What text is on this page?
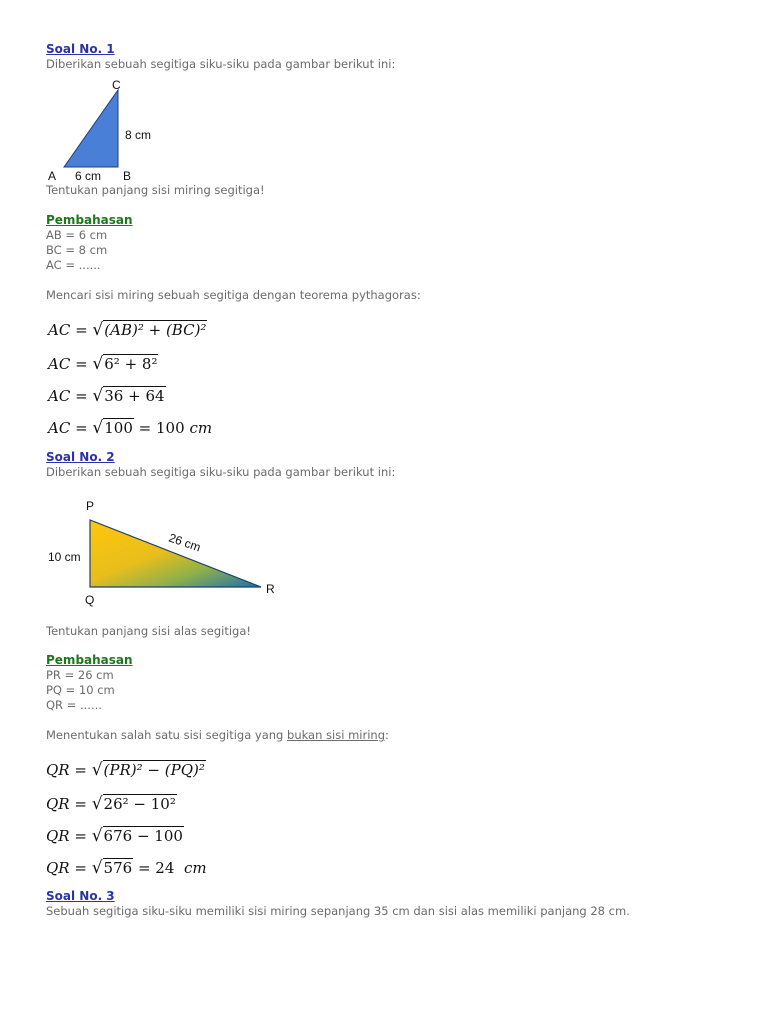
Soal No. 1
Diberikan sebuah segitiga siku-siku pada gambar berikut ini:
C
8 cm
A 6 cm B
Tentukan panjang sisi miring segitiga!
Pembahasan
AB = 6 cm
BC = 8 cm
AC = ......
Mencari sisi miring sebuah segitiga dengan teorema pythagoras:
AC = √(AB)² + (BC)²
AC = √6² + 8²
AC = √36 + 64
AC = √100 = 100 cm
Soal No. 2
Diberikan sebuah segitiga siku-siku pada gambar berikut ini:
P
10 cm
26 cm
Q
R
Tentukan panjang sisi alas segitiga!
Pembahasan
PR = 26 cm
PQ = 10 cm
QR = ......
Menentukan salah satu sisi segitiga yang bukan sisi miring:
QR = √(PR)² − (PQ)²
QR = √26² − 10²
QR = √676 − 100
QR = √576 = 24 cm
Soal No. 3
Sebuah segitiga siku-siku memiliki sisi miring sepanjang 35 cm dan sisi alas memiliki panjang 28 cm.
